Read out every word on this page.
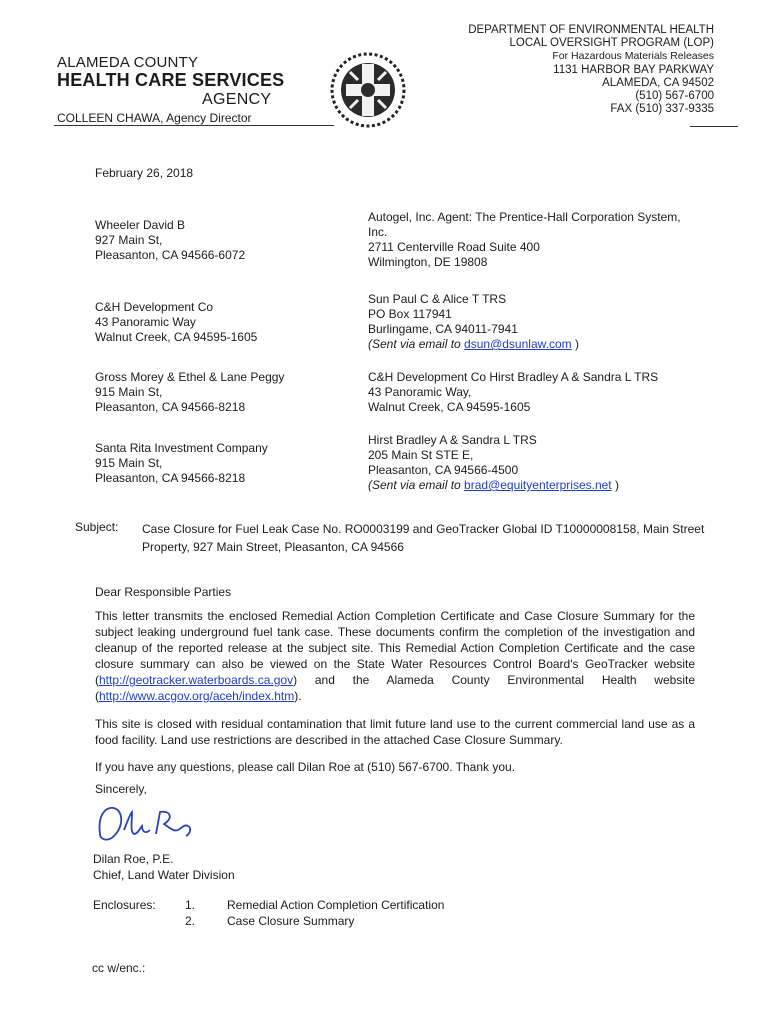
ALAMEDA COUNTY
HEALTH CARE SERVICES
AGENCY
COLLEEN CHAWA, Agency Director
DEPARTMENT OF ENVIRONMENTAL HEALTH
LOCAL OVERSIGHT PROGRAM (LOP)
For Hazardous Materials Releases
1131 HARBOR BAY PARKWAY
ALAMEDA, CA 94502
(510) 567-6700
FAX (510) 337-9335
February 26, 2018
Wheeler David B
927 Main St,
Pleasanton, CA 94566-6072
C&H Development Co
43 Panoramic Way
Walnut Creek, CA 94595-1605
Gross Morey & Ethel & Lane Peggy
915 Main St,
Pleasanton, CA 94566-8218
Santa Rita Investment Company
915 Main St,
Pleasanton, CA 94566-8218
Autogel, Inc. Agent: The Prentice-Hall Corporation System,
Inc.
2711 Centerville Road Suite 400
Wilmington, DE 19808
Sun Paul C & Alice T TRS
PO Box 117941
Burlingame, CA 94011-7941
(Sent via email to dsun@dsunlaw.com )
C&H Development Co Hirst Bradley A & Sandra L TRS
43 Panoramic Way,
Walnut Creek, CA 94595-1605
Hirst Bradley A & Sandra L TRS
205 Main St STE E,
Pleasanton, CA 94566-4500
(Sent via email to brad@equityenterprises.net )
Subject: Case Closure for Fuel Leak Case No. RO0003199 and GeoTracker Global ID T10000008158, Main Street Property, 927 Main Street, Pleasanton, CA 94566
Dear Responsible Parties
This letter transmits the enclosed Remedial Action Completion Certificate and Case Closure Summary for the subject leaking underground fuel tank case. These documents confirm the completion of the investigation and cleanup of the reported release at the subject site. This Remedial Action Completion Certificate and the case closure summary can also be viewed on the State Water Resources Control Board's GeoTracker website (http://geotracker.waterboards.ca.gov) and the Alameda County Environmental Health website (http://www.acgov.org/aceh/index.htm).
This site is closed with residual contamination that limit future land use to the current commercial land use as a food facility. Land use restrictions are described in the attached Case Closure Summary.
If you have any questions, please call Dilan Roe at (510) 567-6700. Thank you.
Sincerely,
Dilan Roe, P.E.
Chief, Land Water Division
Enclosures: 1.	Remedial Action Completion Certification
2.	Case Closure Summary
cc w/enc.:
